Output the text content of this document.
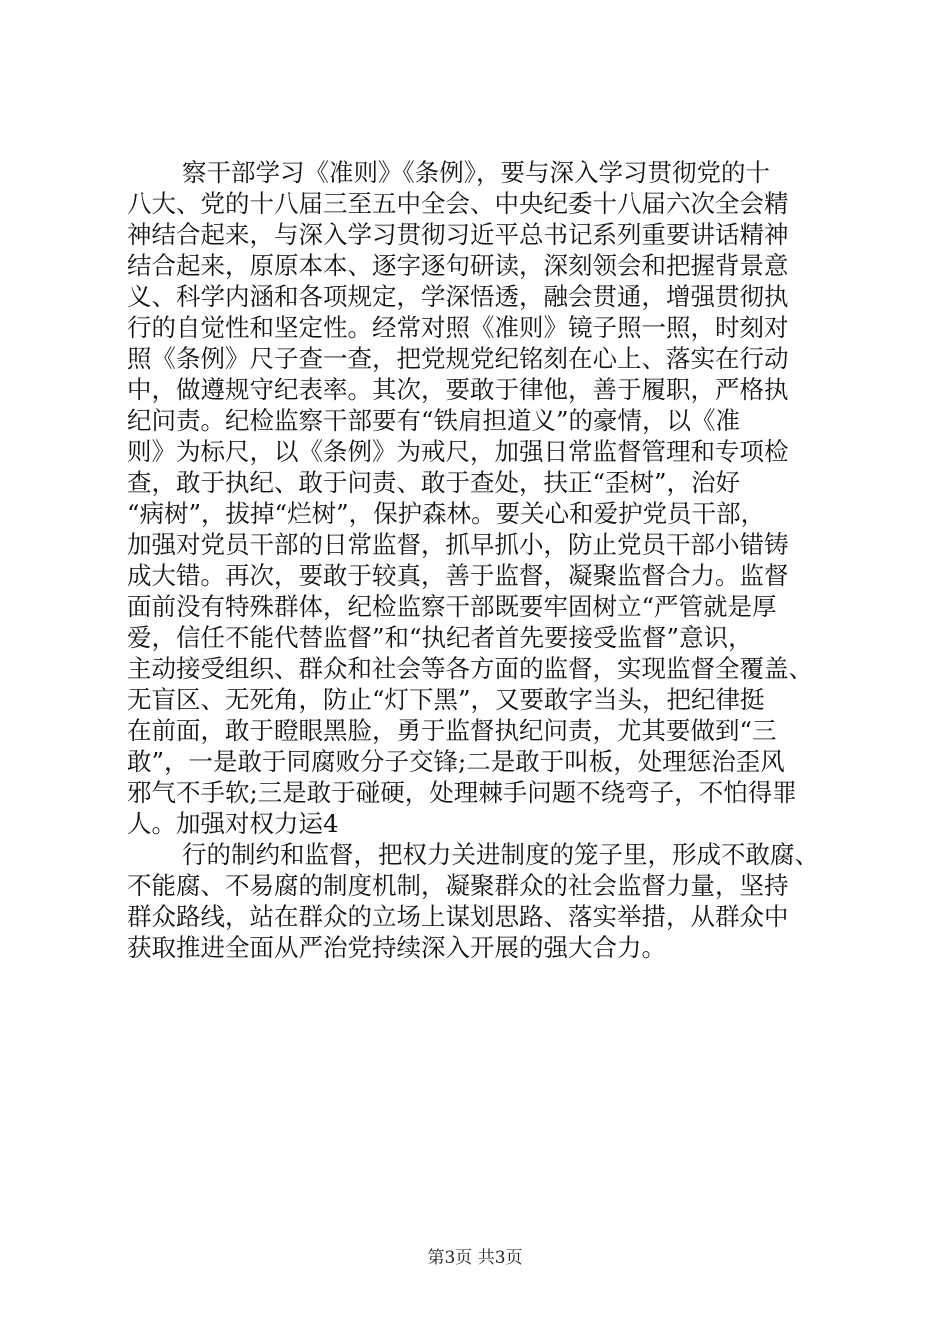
察干部学习《准则》《条例》，要与深入学习贯彻党的十
八大、党的十八届三至五中全会、中央纪委十八届六次全会精
神结合起来，与深入学习贯彻习近平总书记系列重要讲话精神
结合起来，原原本本、逐字逐句研读，深刻领会和把握背景意
义、科学内涵和各项规定，学深悟透，融会贯通，增强贯彻执
行的自觉性和坚定性。经常对照《准则》镜子照一照，时刻对
照《条例》尺子查一查，把党规党纪铭刻在心上、落实在行动
中，做遵规守纪表率。其次，要敢于律他，善于履职，严格执
纪问责。纪检监察干部要有“铁肩担道义”的豪情，以《准
则》为标尺，以《条例》为戒尺，加强日常监督管理和专项检
查，敢于执纪、敢于问责、敢于查处，扶正“歪树”，治好
“病树”，拔掉“烂树”，保护森林。要关心和爱护党员干部，
加强对党员干部的日常监督，抓早抓小，防止党员干部小错铸
成大错。再次，要敢于较真，善于监督，凝聚监督合力。监督
面前没有特殊群体，纪检监察干部既要牢固树立“严管就是厚
爱，信任不能代替监督”和“执纪者首先要接受监督”意识，
主动接受组织、群众和社会等各方面的监督，实现监督全覆盖、
无盲区、无死角，防止“灯下黑”，又要敢字当头，把纪律挺
在前面，敢于瞪眼黑脸，勇于监督执纪问责，尤其要做到“三
敢”，一是敢于同腐败分子交锋;二是敢于叫板，处理惩治歪风
邪气不手软;三是敢于碰硬，处理棘手问题不绕弯子，不怕得罪
人。加强对权力运4
行的制约和监督，把权力关进制度的笼子里，形成不敢腐、
不能腐、不易腐的制度机制，凝聚群众的社会监督力量，坚持
群众路线，站在群众的立场上谋划思路、落实举措，从群众中
获取推进全面从严治党持续深入开展的强大合力。
第3页 共3页
